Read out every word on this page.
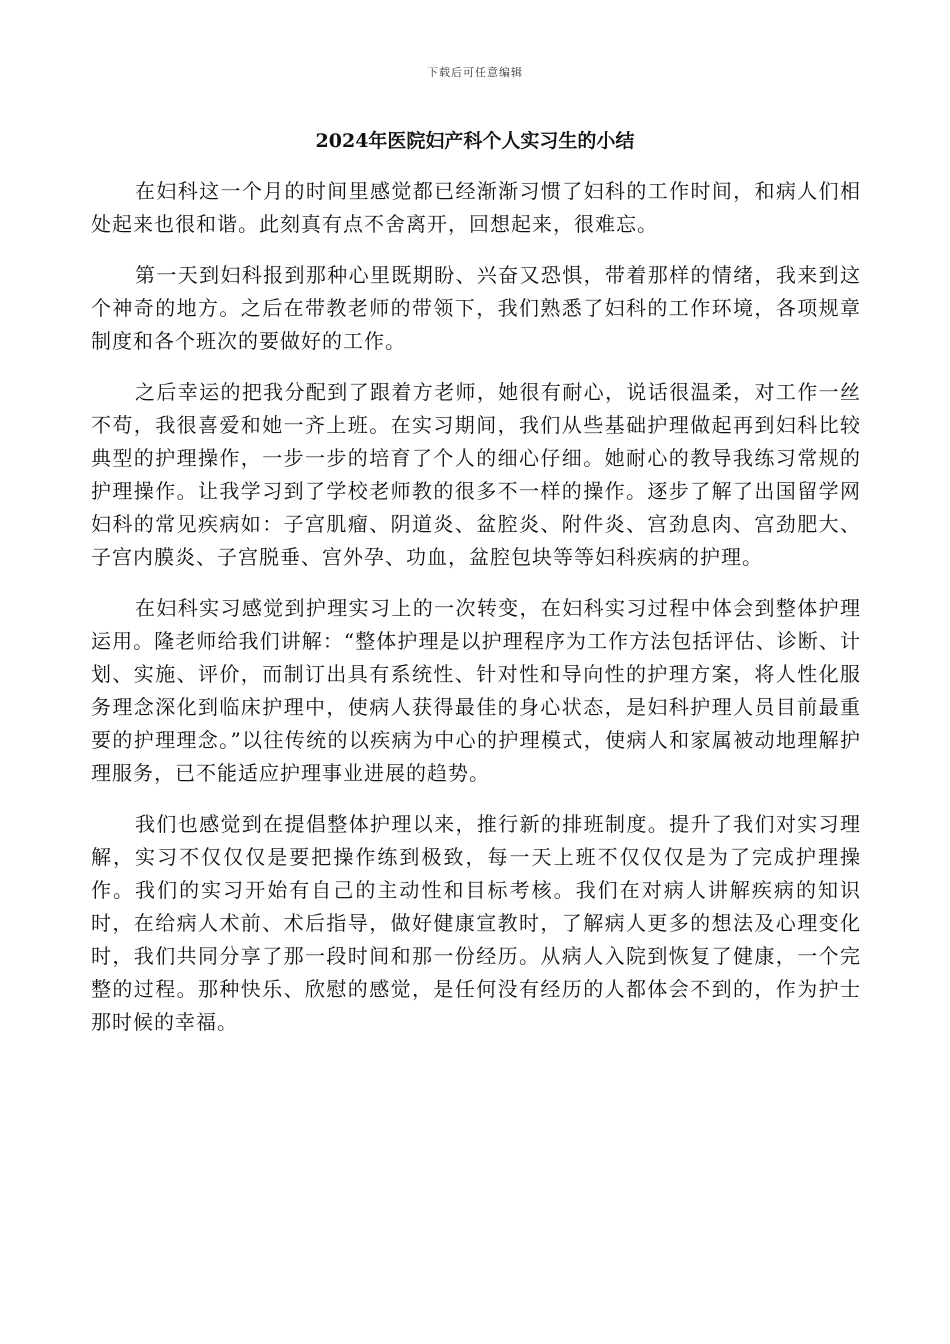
下载后可任意编辑
2024年医院妇产科个人实习生的小结

在妇科这一个月的时间里感觉都已经渐渐习惯了妇科的工作时间，和病人们相处起来也很和谐。此刻真有点不舍离开，回想起来，很难忘。

第一天到妇科报到那种心里既期盼、兴奋又恐惧，带着那样的情绪，我来到这个神奇的地方。之后在带教老师的带领下，我们熟悉了妇科的工作环境，各项规章制度和各个班次的要做好的工作。

之后幸运的把我分配到了跟着方老师，她很有耐心，说话很温柔，对工作一丝不苟，我很喜爱和她一齐上班。在实习期间，我们从些基础护理做起再到妇科比较典型的护理操作，一步一步的培育了个人的细心仔细。她耐心的教导我练习常规的护理操作。让我学习到了学校老师教的很多不一样的操作。逐步了解了出国留学网妇科的常见疾病如：子宫肌瘤、阴道炎、盆腔炎、附件炎、宫劲息肉、宫劲肥大、子宫内膜炎、子宫脱垂、宫外孕、功血，盆腔包块等等妇科疾病的护理。

在妇科实习感觉到护理实习上的一次转变，在妇科实习过程中体会到整体护理运用。隆老师给我们讲解：“整体护理是以护理程序为工作方法包括评估、诊断、计划、实施、评价，而制订出具有系统性、针对性和导向性的护理方案，将人性化服务理念深化到临床护理中，使病人获得最佳的身心状态，是妇科护理人员目前最重要的护理理念。”以往传统的以疾病为中心的护理模式，使病人和家属被动地理解护理服务，已不能适应护理事业进展的趋势。

我们也感觉到在提倡整体护理以来，推行新的排班制度。提升了我们对实习理解，实习不仅仅仅是要把操作练到极致，每一天上班不仅仅仅是为了完成护理操作。我们的实习开始有自己的主动性和目标考核。我们在对病人讲解疾病的知识时，在给病人术前、术后指导，做好健康宣教时，了解病人更多的想法及心理变化时，我们共同分享了那一段时间和那一份经历。从病人入院到恢复了健康，一个完整的过程。那种快乐、欣慰的感觉，是任何没有经历的人都体会不到的，作为护士那时候的幸福。
